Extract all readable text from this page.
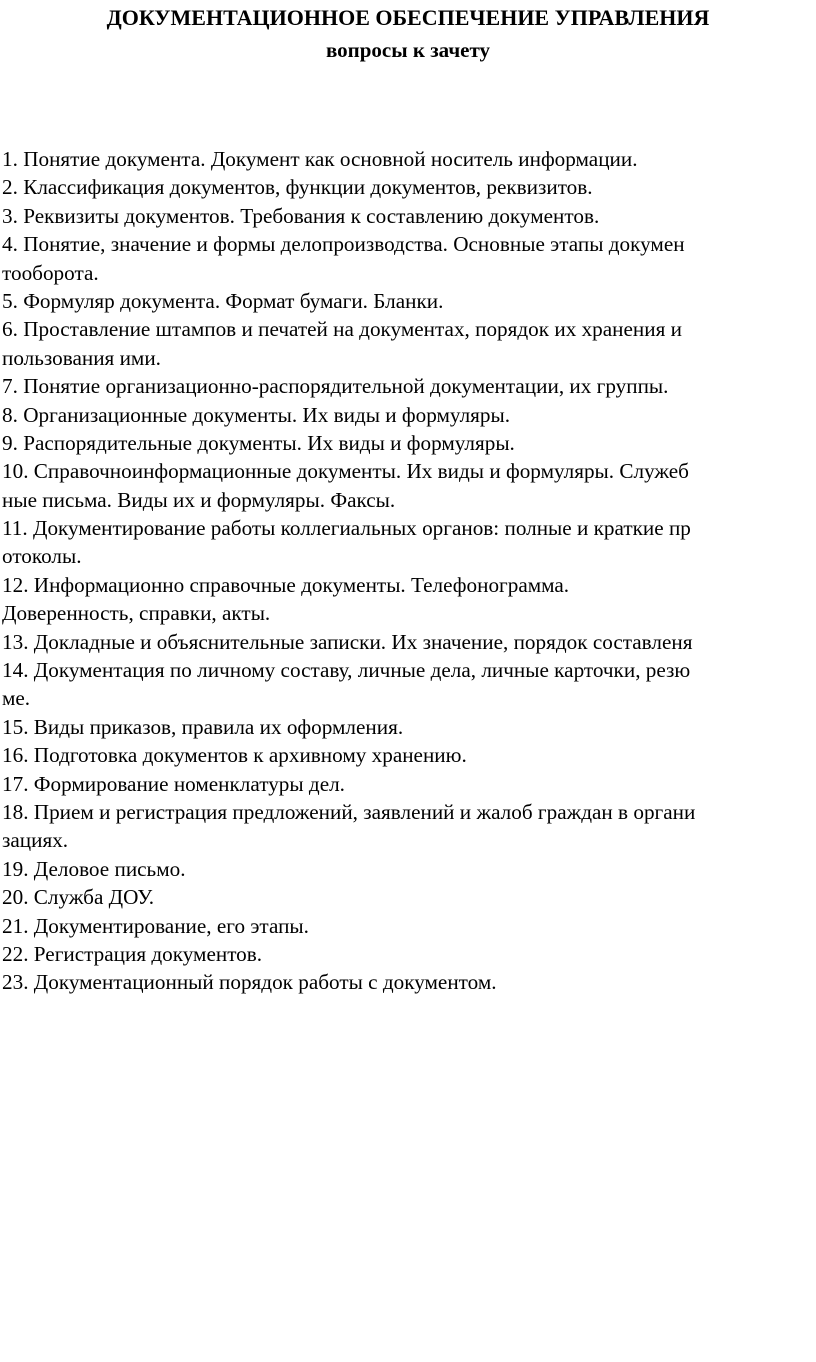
ДОКУМЕНТАЦИОННОЕ ОБЕСПЕЧЕНИЕ УПРАВЛЕНИЯ
вопросы к зачету
1. Понятие документа. Документ как основной носитель информации.
2. Классификация документов, функции документов, реквизитов.
3. Реквизиты документов. Требования к составлению документов.
4. Понятие, значение и формы делопроизводства. Основные этапы докумен
тооборота.
5. Формуляр документа. Формат бумаги. Бланки.
6. Проставление штампов и печатей на документах, порядок их хранения и
пользования ими.
7. Понятие организационно-распорядительной документации, их группы.
8. Организационные документы. Их виды и формуляры.
9. Распорядительные документы. Их виды и формуляры.
10. Справочноинформационные документы. Их виды и формуляры. Служеб
ные письма. Виды их и формуляры. Факсы.
11. Документирование работы коллегиальных органов: полные и краткие пр
отоколы.
12. Информационно справочные документы. Телефонограмма.
Доверенность, справки, акты.
13. Докладные и объяснительные записки. Их значение, порядок составленя
14. Документация по личному составу, личные дела, личные карточки, резю
ме.
15. Виды приказов, правила их оформления.
16. Подготовка документов к архивному хранению.
17. Формирование номенклатуры дел.
18. Прием и регистрация предложений, заявлений и жалоб граждан в органи
зациях.
19. Деловое письмо.
20. Служба ДОУ.
21. Документирование, его этапы.
22. Регистрация документов.
23. Документационный порядок работы с документом.
